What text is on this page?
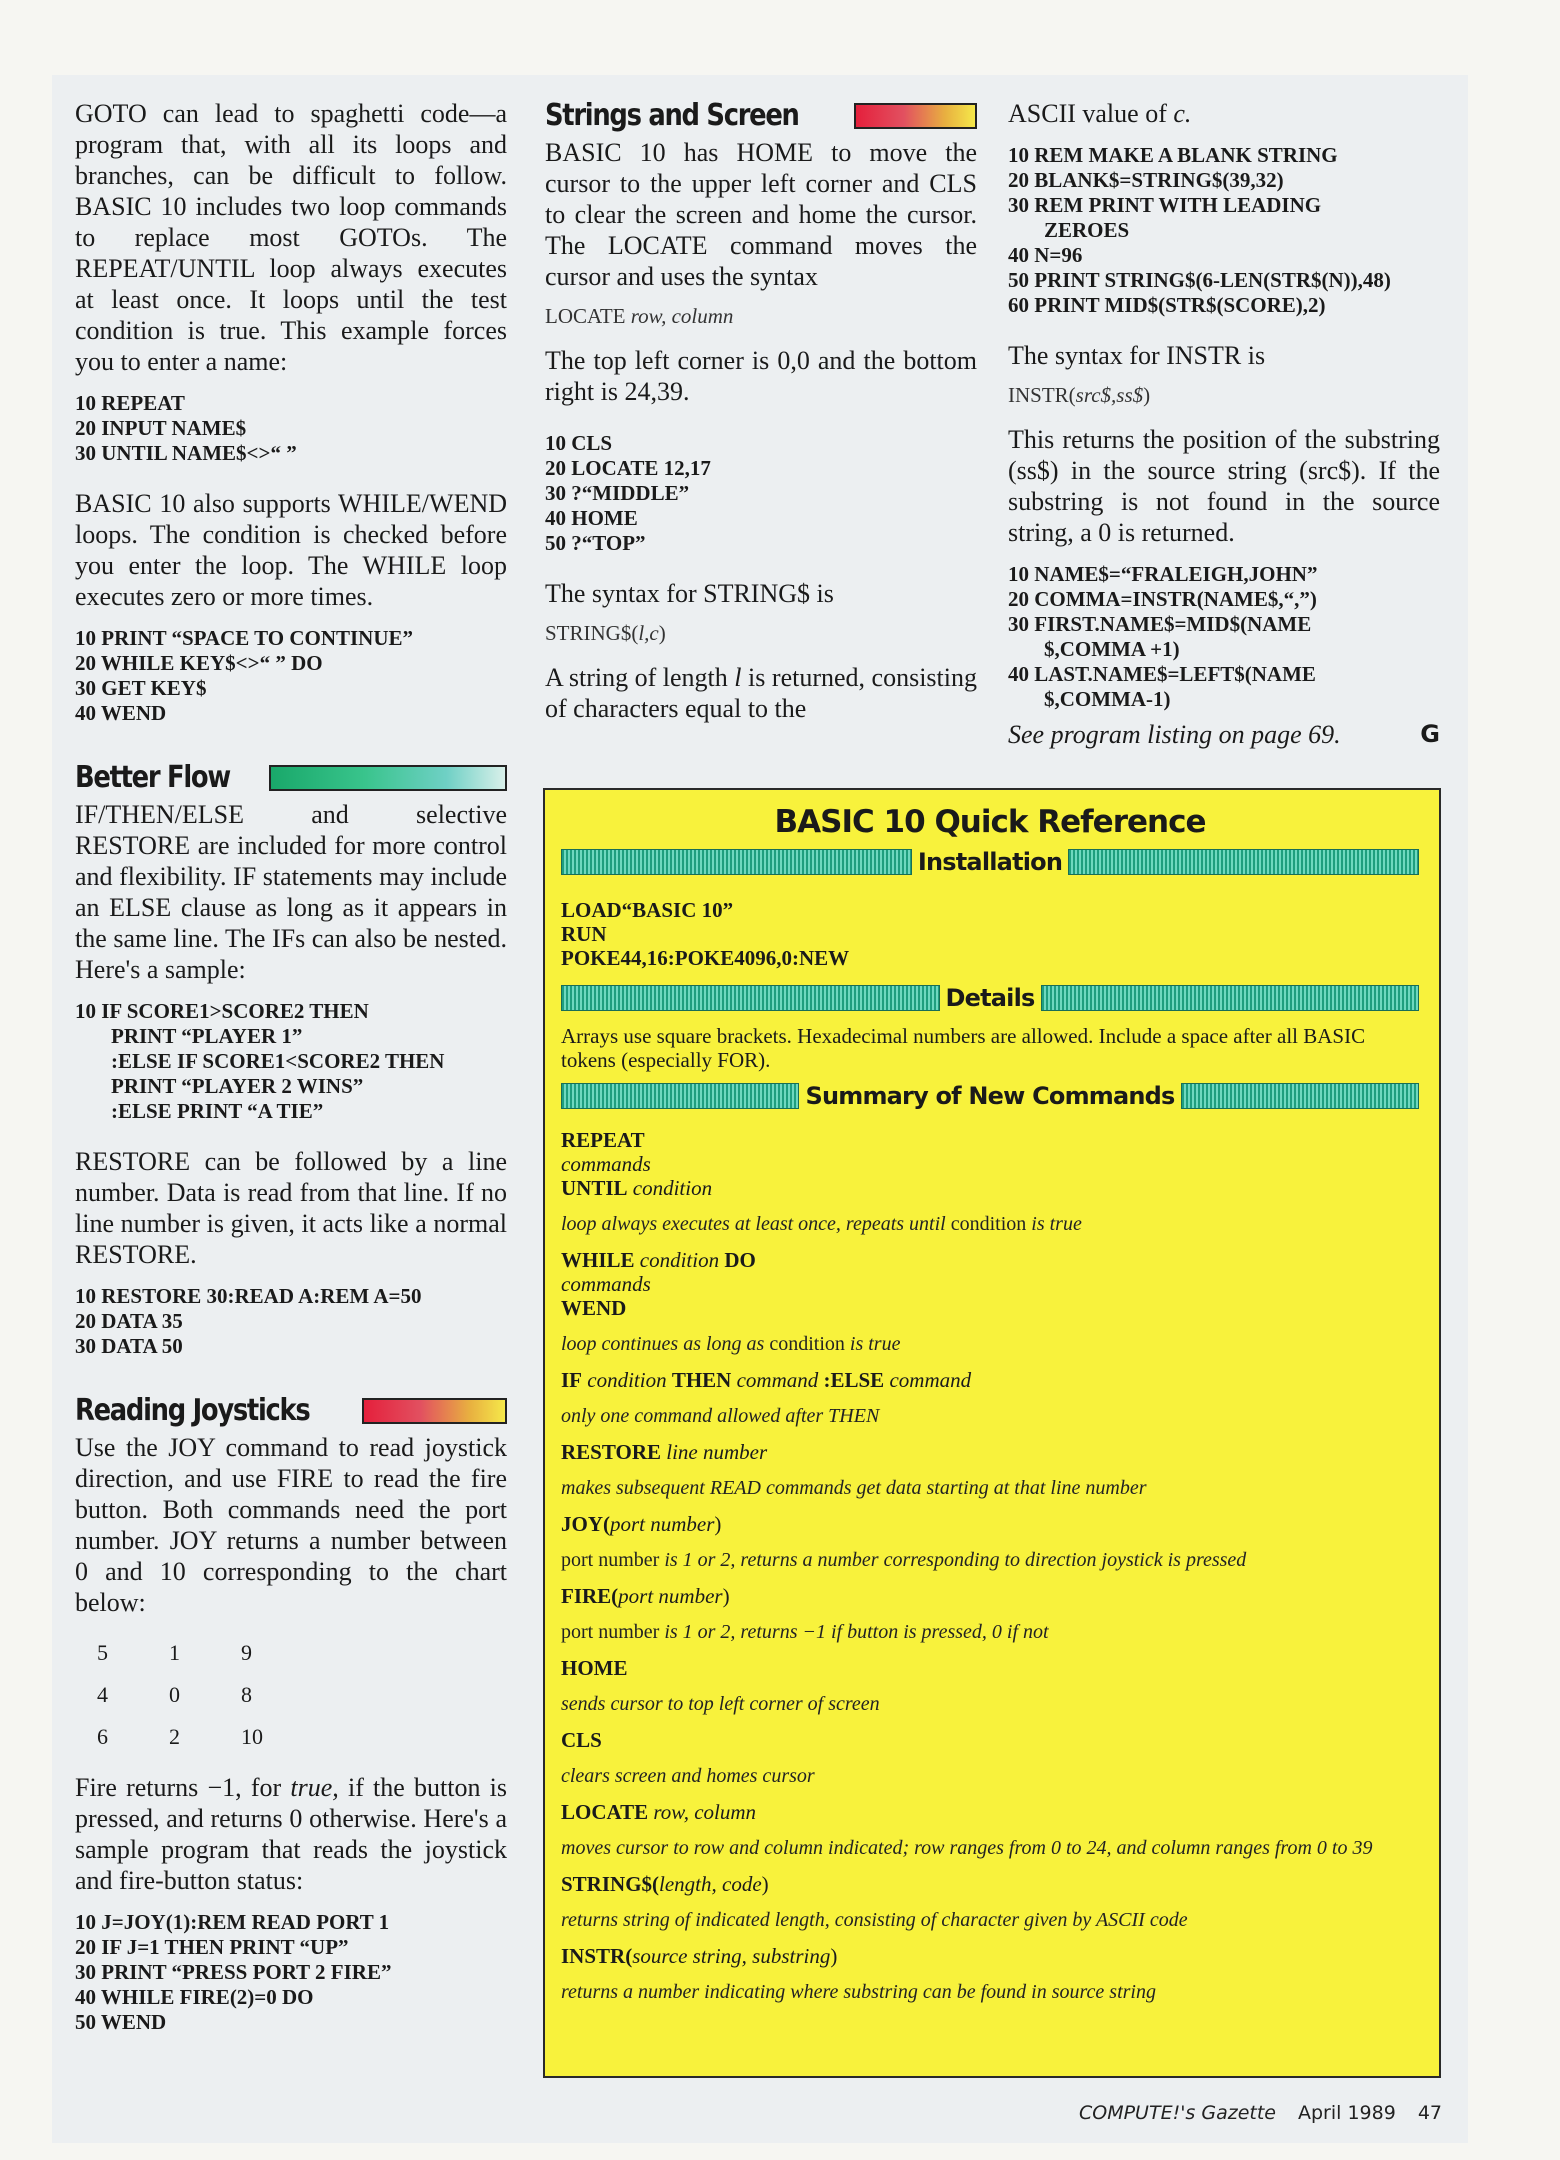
GOTO can lead to spaghetti code—a program that, with all its loops and branches, can be difficult to follow. BASIC 10 includes two loop commands to replace most GOTOs. The REPEAT/UNTIL loop always executes at least once. It loops until the test condition is true. This example forces you to enter a name:

10 REPEAT
20 INPUT NAME$
30 UNTIL NAME$<>“ ”

BASIC 10 also supports WHILE/WEND loops. The condition is checked before you enter the loop. The WHILE loop executes zero or more times.

10 PRINT “SPACE TO CONTINUE”
20 WHILE KEY$<>“ ” DO
30 GET KEY$
40 WEND
Better Flow

IF/THEN/ELSE and selective RESTORE are included for more control and flexibility. IF statements may include an ELSE clause as long as it appears in the same line. The IFs can also be nested. Here's a sample:

10 IF SCORE1>SCORE2 THEN
PRINT “PLAYER 1”
:ELSE IF SCORE1<SCORE2 THEN
PRINT “PLAYER 2 WINS”
:ELSE PRINT “A TIE”

RESTORE can be followed by a line number. Data is read from that line. If no line number is given, it acts like a normal RESTORE.

10 RESTORE 30:READ A:REM A=50
20 DATA 35
30 DATA 50
Reading Joysticks

Use the JOY command to read joystick direction, and use FIRE to read the fire button. Both commands need the port number. JOY returns a number between 0 and 10 corresponding to the chart below:

5	1	9
4	0	8
6	2	10

Fire returns −1, for true, if the button is pressed, and returns 0 otherwise. Here's a sample program that reads the joystick and fire-button status:

10 J=JOY(1):REM READ PORT 1
20 IF J=1 THEN PRINT “UP”
30 PRINT “PRESS PORT 2 FIRE”
40 WHILE FIRE(2)=0 DO
50 WEND
Strings and Screen

BASIC 10 has HOME to move the cursor to the upper left corner and CLS to clear the screen and home the cursor. The LOCATE command moves the cursor and uses the syntax

LOCATE row, column

The top left corner is 0,0 and the bottom right is 24,39.

10 CLS
20 LOCATE 12,17
30 ?“MIDDLE”
40 HOME
50 ?“TOP”

The syntax for STRING$ is

STRING$(l,c)

A string of length l is returned, consisting of characters equal to the

ASCII value of c.

10 REM MAKE A BLANK STRING
20 BLANK$=STRING$(39,32)
30 REM PRINT WITH LEADING
ZEROES
40 N=96
50 PRINT STRING$(6-LEN(STR$(N)),48)
60 PRINT MID$(STR$(SCORE),2)

The syntax for INSTR is

INSTR(src$,ss$)

This returns the position of the substring (ss$) in the source string (src$). If the substring is not found in the source string, a 0 is returned.

10 NAME$=“FRALEIGH,JOHN”
20 COMMA=INSTR(NAME$,“,”)
30 FIRST.NAME$=MID$(NAME
$,COMMA +1)
40 LAST.NAME$=LEFT$(NAME
$,COMMA-1)
See program listing on page 69.	G
BASIC 10 Quick Reference
Installation
LOAD“BASIC 10”
RUN
POKE44,16:POKE4096,0:NEW
Details

Arrays use square brackets. Hexadecimal numbers are allowed. Include a space after all BASIC tokens (especially FOR).

Summary of New Commands
REPEAT
commands
UNTIL condition

loop always executes at least once, repeats until condition is true

WHILE condition DO
commands
WEND

loop continues as long as condition is true

IF condition THEN command :ELSE command

only one command allowed after THEN

RESTORE line number

makes subsequent READ commands get data starting at that line number

JOY(port number)

port number is 1 or 2, returns a number corresponding to direction joystick is pressed

FIRE(port number)

port number is 1 or 2, returns −1 if button is pressed, 0 if not

HOME

sends cursor to top left corner of screen

CLS

clears screen and homes cursor

LOCATE row, column

moves cursor to row and column indicated; row ranges from 0 to 24, and column ranges from 0 to 39

STRING$(length, code)

returns string of indicated length, consisting of character given by ASCII code

INSTR(source string, substring)

returns a number indicating where substring can be found in source string

COMPUTE!'s Gazette April 1989 47
